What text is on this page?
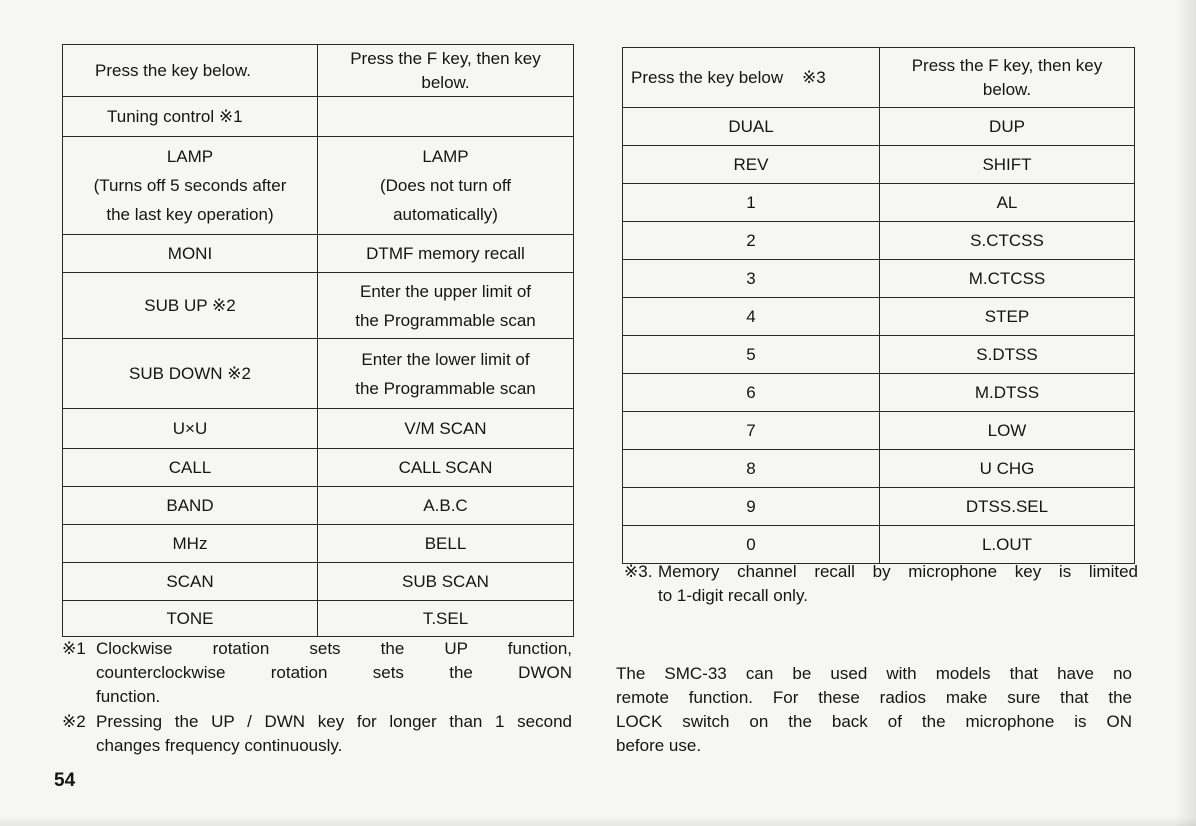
Press the key below.	Press the F key, then key
below.
Tuning control ※1	
LAMP
(Turns off 5 seconds after
the last key operation)	LAMP
(Does not turn off
automatically)
MONI	DTMF memory recall
SUB UP ※2	Enter the upper limit of
the Programmable scan
SUB DOWN ※2	Enter the lower limit of
the Programmable scan
U×U	V/M SCAN
CALL	CALL SCAN
BAND	A.B.C
MHz	BELL
SCAN	SUB SCAN
TONE	T.SEL
Press the key below    ※3	Press the F key, then key
below.
DUAL	DUP
REV	SHIFT
1	AL
2	S.CTCSS
3	M.CTCSS
4	STEP
5	S.DTSS
6	M.DTSS
7	LOW
8	U CHG
9	DTSS.SEL
0	L.OUT
※1 Clockwise rotation sets the UP function,
counterclockwise rotation sets the DWON
function.
※2 Pressing the UP / DWN key for longer than 1 second
changes frequency continuously.
※3. Memory channel recall by microphone key is limited
to 1-digit recall only.
The SMC-33 can be used with models that have no
remote function. For these radios make sure that the
LOCK switch on the back of the microphone is ON
before use.
54
